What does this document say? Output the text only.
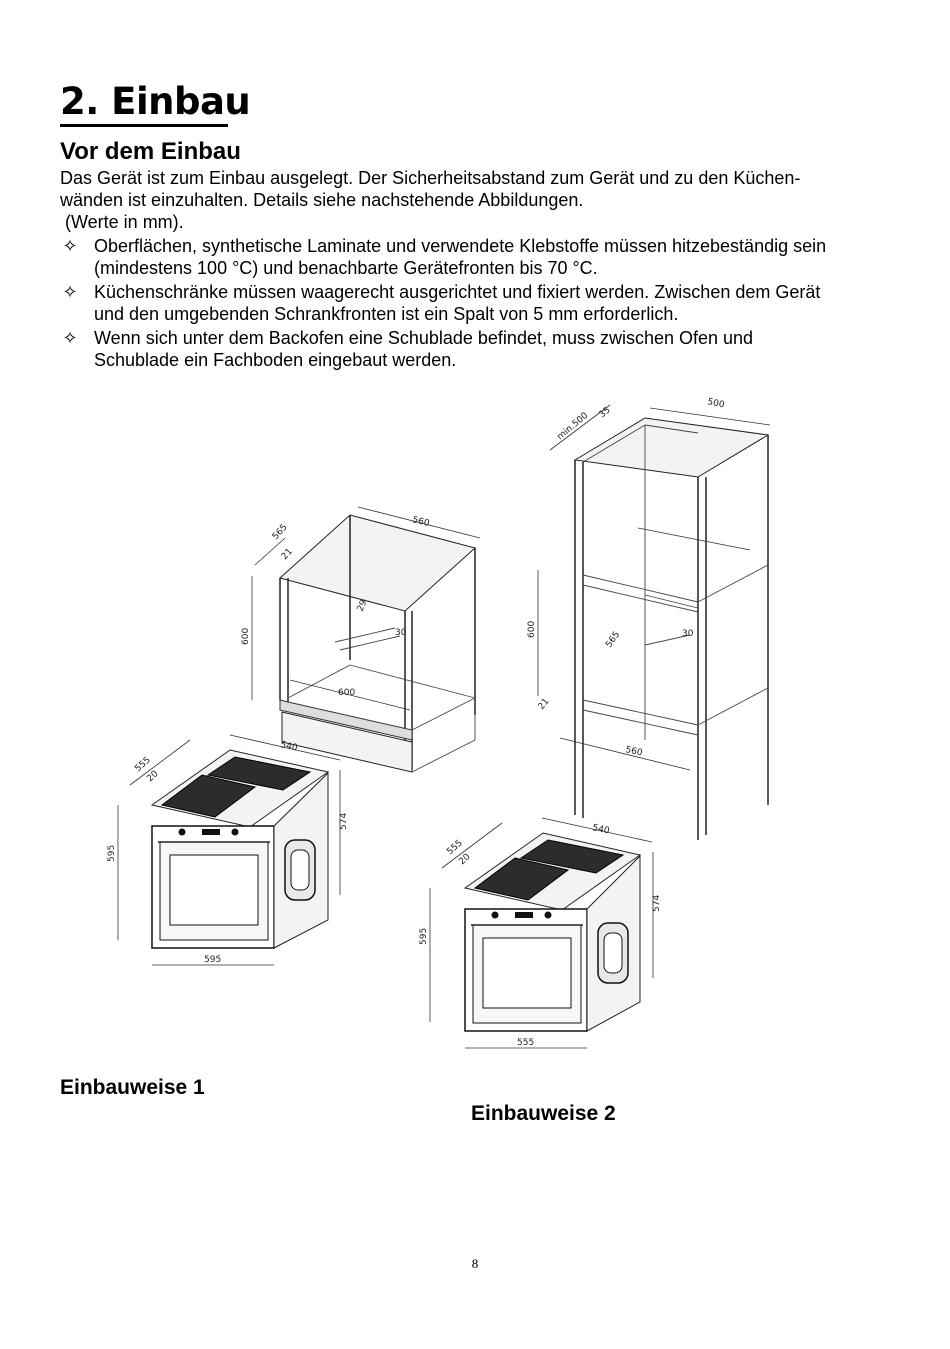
2. Einbau
Vor dem Einbau
Das Gerät ist zum Einbau ausgelegt. Der Sicherheitsabstand zum Gerät und zu den Küchen-
wänden ist einzuhalten. Details siehe nachstehende Abbildungen.
(Werte in mm).
✧ Oberflächen, synthetische Laminate und verwendete Klebstoffe müssen hitzebeständig sein
(mindestens 100 °C) und benachbarte Gerätefronten bis 70 °C.
✧ Küchenschränke müssen waagerecht ausgerichtet und fixiert werden. Zwischen dem Gerät
und den umgebenden Schrankfronten ist ein Spalt von 5 mm erforderlich.
✧ Wenn sich unter dem Backofen eine Schublade befindet, muss zwischen Ofen und
Schublade ein Fachboden eingebaut werden.
565
21
560
600
29
30
600
min.500 35
500
600
565	30
21
560
595
595
574
555
20
540
595
555
574
555
20
540
Einbauweise 1
Einbauweise 2
8
